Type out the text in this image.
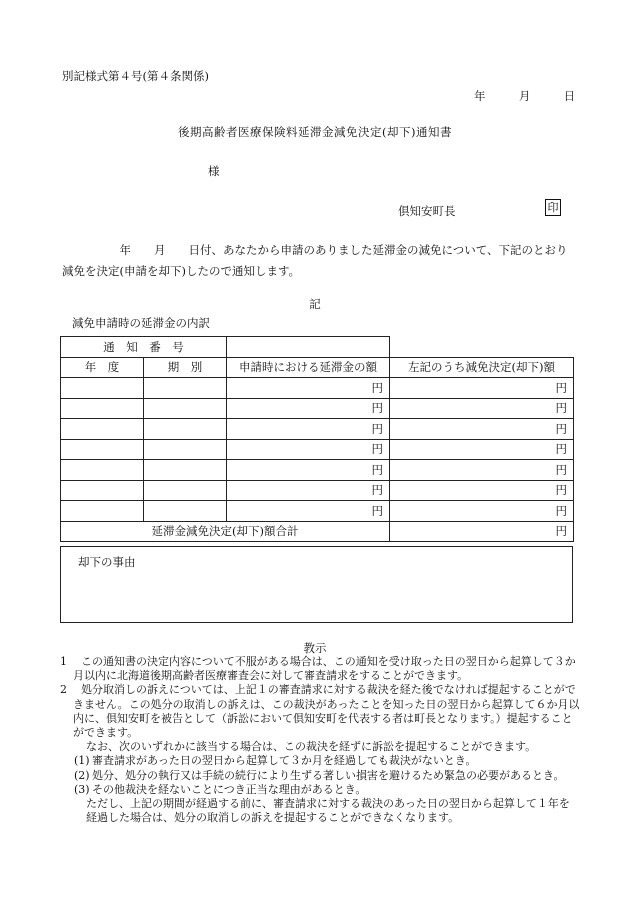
別記様式第４号(第４条関係)
年	月	日
後期高齢者医療保険料延滞金減免決定(却下)通知書
様
倶知安町長	印
　　　　　年　　月　　日付、あなたから申請のありました延滞金の減免について、下記のとおり減免を決定(申請を却下)したので通知します。
記
減免申請時の延滞金の内訳
通　知　番　号			
年　度	期　別	申請時における延滞金の額	左記のうち減免決定(却下)額
		円	円
		円	円
		円	円
		円	円
		円	円
		円	円
		円	円
延滞金減免決定(却下)額合計			円
却下の事由
教示
1 この通知書の決定内容について不服がある場合は、この通知を受け取った日の翌日から起算して３か月以内に北海道後期高齢者医療審査会に対して審査請求をすることができます。
2 処分取消しの訴えについては、上記１の審査請求に対する裁決を経た後でなければ提起することができません。この処分の取消しの訴えは、この裁決があったことを知った日の翌日から起算して６か月以内に、倶知安町を被告として（訴訟において倶知安町を代表する者は町長となります。）提起することができます。
なお、次のいずれかに該当する場合は、この裁決を経ずに訴訟を提起することができます。
(1) 審査請求があった日の翌日から起算して３か月を経過しても裁決がないとき。
(2) 処分、処分の執行又は手続の続行により生ずる著しい損害を避けるため緊急の必要があるとき。
(3) その他裁決を経ないことにつき正当な理由があるとき。
ただし、上記の期間が経過する前に、審査請求に対する裁決のあった日の翌日から起算して１年を経過した場合は、処分の取消しの訴えを提起することができなくなります。
